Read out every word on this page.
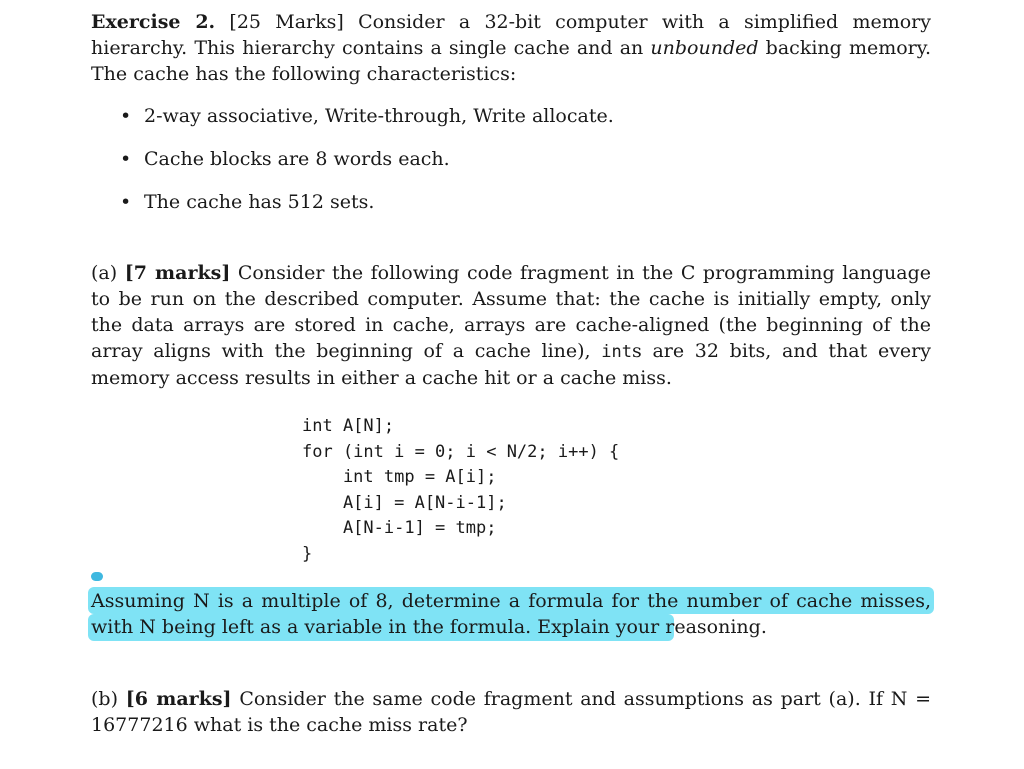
Exercise 2. [25 Marks] Consider a 32-bit computer with a simplified memory hierarchy. This hierarchy contains a single cache and an unbounded backing memory. The cache has the following characteristics:

• 2-way associative, Write-through, Write allocate.
• Cache blocks are 8 words each.
• The cache has 512 sets.

(a) [7 marks] Consider the following code fragment in the C programming language to be run on the described computer. Assume that: the cache is initially empty, only the data arrays are stored in cache, arrays are cache-aligned (the beginning of the array aligns with the beginning of a cache line), ints are 32 bits, and that every memory access results in either a cache hit or a cache miss.

int A[N];
for (int i = 0; i < N/2; i++) {
int tmp = A[i];
A[i] = A[N-i-1];
A[N-i-1] = tmp;
}

Assuming N is a multiple of 8, determine a formula for the number of cache misses, with N being left as a variable in the formula. Explain your reasoning.

(b) [6 marks] Consider the same code fragment and assumptions as part (a). If N = 16777216 what is the cache miss rate?
